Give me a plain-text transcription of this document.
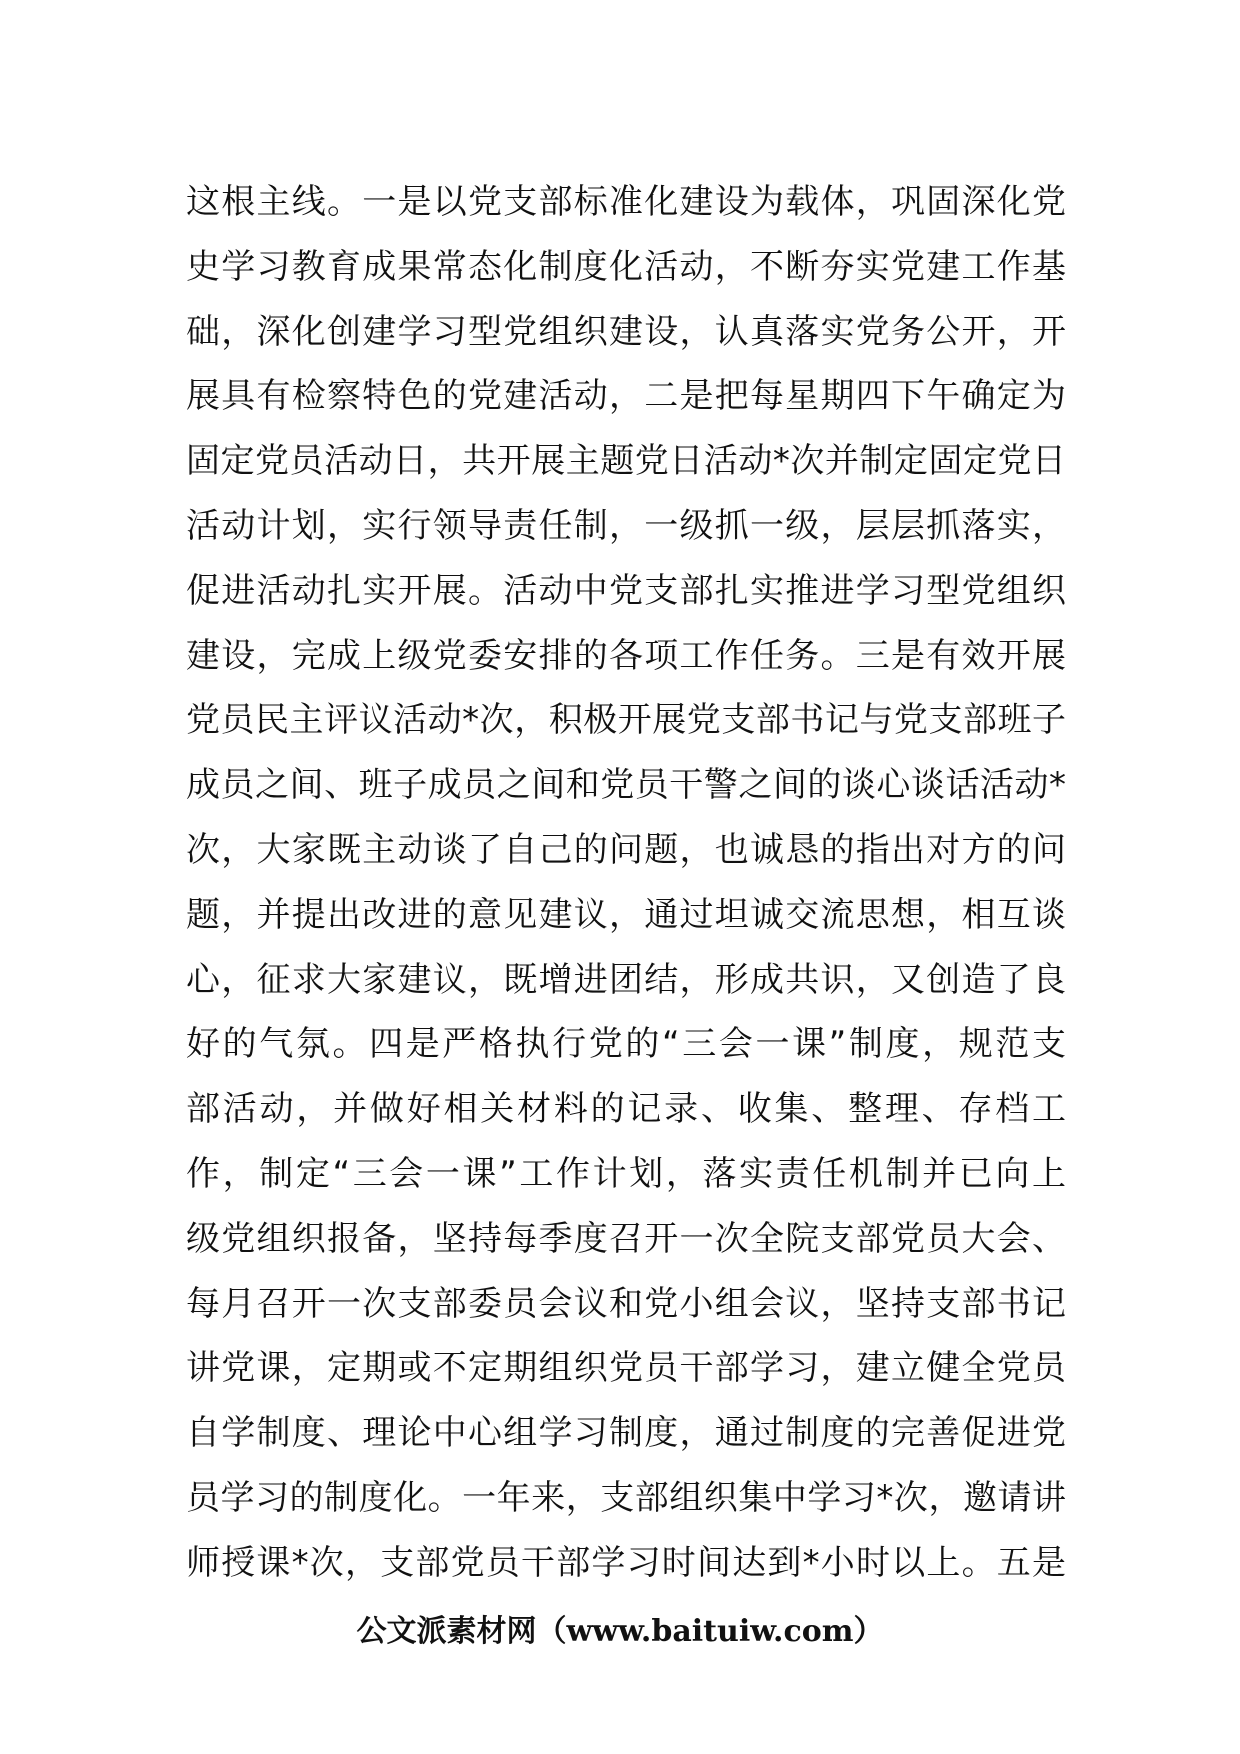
这根主线。一是以党支部标准化建设为载体，巩固深化党
史学习教育成果常态化制度化活动，不断夯实党建工作基
础，深化创建学习型党组织建设，认真落实党务公开，开
展具有检察特色的党建活动，二是把每星期四下午确定为
固定党员活动日，共开展主题党日活动*次并制定固定党日
活动计划，实行领导责任制，一级抓一级，层层抓落实，
促进活动扎实开展。活动中党支部扎实推进学习型党组织
建设，完成上级党委安排的各项工作任务。三是有效开展
党员民主评议活动*次，积极开展党支部书记与党支部班子
成员之间、班子成员之间和党员干警之间的谈心谈话活动*
次，大家既主动谈了自己的问题，也诚恳的指出对方的问
题，并提出改进的意见建议，通过坦诚交流思想，相互谈
心，征求大家建议，既增进团结，形成共识，又创造了良
好的气氛。四是严格执行党的“三会一课”制度，规范支
部活动，并做好相关材料的记录、收集、整理、存档工
作，制定“三会一课”工作计划，落实责任机制并已向上
级党组织报备，坚持每季度召开一次全院支部党员大会、
每月召开一次支部委员会议和党小组会议，坚持支部书记
讲党课，定期或不定期组织党员干部学习，建立健全党员
自学制度、理论中心组学习制度，通过制度的完善促进党
员学习的制度化。一年来，支部组织集中学习*次，邀请讲
师授课*次，支部党员干部学习时间达到*小时以上。五是
公文派素材网（www.baituiw.com）
